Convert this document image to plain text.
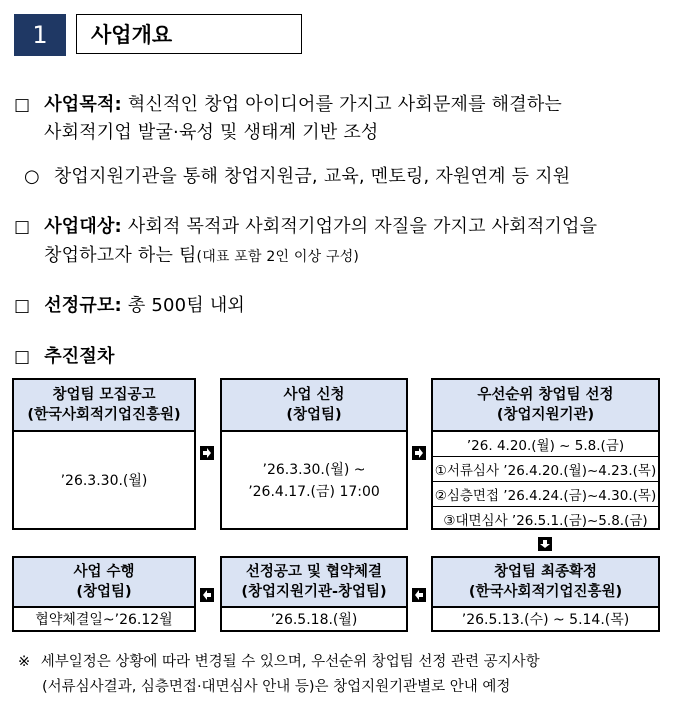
1	사업개요
□ 사업목적: 혁신적인 창업 아이디어를 가지고 사회문제를 해결하는
사회적기업 발굴·육성 및 생태계 기반 조성
○ 창업지원기관을 통해 창업지원금, 교육, 멘토링, 자원연계 등 지원
□ 사업대상: 사회적 목적과 사회적기업가의 자질을 가지고 사회적기업을
창업하고자 하는 팀(대표 포함 2인 이상 구성)
□ 선정규모: 총 500팀 내외
□ 추진절차
창업팀 모집공고
(한국사회적기업진흥원)
’26.3.30.(월)
사업 신청
(창업팀)
’26.3.30.(월) ~
’26.4.17.(금) 17:00
우선순위 창업팀 선정
(창업지원기관)
’26. 4.20.(월) ~ 5.8.(금)
①서류심사 ’26.4.20.(월)~4.23.(목)
②심층면접 ’26.4.24.(금)~4.30.(목)
③대면심사 ’26.5.1.(금)~5.8.(금)
사업 수행
(창업팀)
협약체결일~’26.12월
선정공고 및 협약체결
(창업지원기관-창업팀)
’26.5.18.(월)
창업팀 최종확정
(한국사회적기업진흥원)
’26.5.13.(수) ~ 5.14.(목)
※ 세부일정은 상황에 따라 변경될 수 있으며, 우선순위 창업팀 선정 관련 공지사항
(서류심사결과, 심층면접·대면심사 안내 등)은 창업지원기관별로 안내 예정
